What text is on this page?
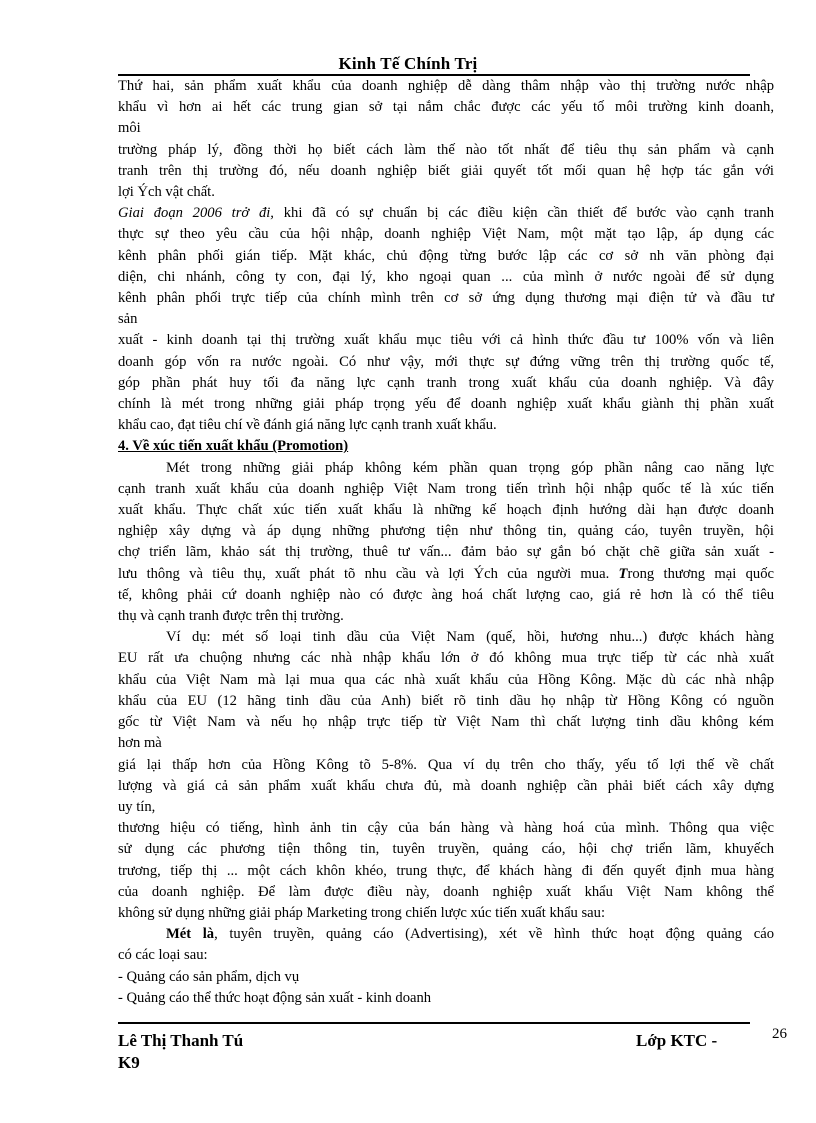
Kinh Tế Chính Trị

Thứ hai, sản phẩm xuất khẩu của doanh nghiệp dễ dàng thâm nhập vào thị trường nước nhập

khẩu vì hơn ai hết các trung gian sở tại nắm chắc được các yếu tố môi trường kinh doanh,

môi

trường pháp lý, đồng thời họ biết cách làm thế nào tốt nhất để tiêu thụ sản phẩm và cạnh

tranh trên thị trường đó, nếu doanh nghiệp biết giải quyết tốt mối quan hệ hợp tác gắn với

lợi Ých vật chất.

Giai đoạn 2006 trở đi, khi đã có sự chuẩn bị các điều kiện cần thiết để bước vào cạnh tranh

thực sự theo yêu cầu của hội nhập, doanh nghiệp Việt Nam, một mặt tạo lập, áp dụng các

kênh phân phối gián tiếp. Mặt khác, chủ động từng bước lập các cơ sở nh văn phòng đại

diện, chi nhánh, công ty con, đại lý, kho ngoại quan ... của mình ở nước ngoài để sử dụng

kênh phân phối trực tiếp của chính mình trên cơ sở ứng dụng thương mại điện tử và đầu tư

sản

xuất - kinh doanh tại thị trường xuất khẩu mục tiêu với cả hình thức đầu tư 100% vốn và liên

doanh góp vốn ra nước ngoài. Có như vậy, mới thực sự đứng vững trên thị trường quốc tế,

góp phần phát huy tối đa năng lực cạnh tranh trong xuất khẩu của doanh nghiệp. Và đây

chính là mét trong những giải pháp trọng yếu để doanh nghiệp xuất khẩu giành thị phần xuất

khẩu cao, đạt tiêu chí về đánh giá năng lực cạnh tranh xuất khẩu.

4. Về xúc tiến xuất khẩu (Promotion)

Mét trong những giải pháp không kém phần quan trọng góp phần nâng cao năng lực

cạnh tranh xuất khẩu của doanh nghiệp Việt Nam trong tiến trình hội nhập quốc tế là xúc tiến

xuất khẩu. Thực chất xúc tiến xuất khẩu là những kế hoạch định hướng dài hạn được doanh

nghiệp xây dựng và áp dụng những phương tiện như thông tin, quảng cáo, tuyên truyền, hội

chợ triển lãm, khảo sát thị trường, thuê tư vấn... đảm bảo sự gắn bó chặt chẽ giữa sản xuất -

lưu thông và tiêu thụ, xuất phát tõ nhu cầu và lợi Ých của người mua. Trong thương mại quốc

tế, không phải cứ doanh nghiệp nào có được àng hoá chất lượng cao, giá rẻ hơn là có thể tiêu

thụ và cạnh tranh được trên thị trường.

Ví dụ: mét số loại tinh dầu của Việt Nam (quế, hồi, hương nhu...) được khách hàng

EU rất ưa chuộng nhưng các nhà nhập khẩu lớn ở đó không mua trực tiếp từ các nhà xuất

khẩu của Việt Nam mà lại mua qua các nhà xuất khẩu của Hồng Kông. Mặc dù các nhà nhập

khẩu của EU (12 hãng tinh dầu của Anh) biết rõ tinh dầu họ nhập từ Hồng Kông có nguồn

gốc từ Việt Nam và nếu họ nhập trực tiếp từ Việt Nam thì chất lượng tinh dầu không kém

hơn mà

giá lại thấp hơn của Hồng Kông tõ 5-8%. Qua ví dụ trên cho thấy, yếu tố lợi thế về chất

lượng và giá cả sản phẩm xuất khẩu chưa đủ, mà doanh nghiệp cần phải biết cách xây dựng

uy tín,

thương hiệu có tiếng, hình ảnh tin cậy của bán hàng và hàng hoá của mình. Thông qua việc

sử dụng các phương tiện thông tin, tuyên truyền, quảng cáo, hội chợ triển lãm, khuyếch

trương, tiếp thị ... một cách khôn khéo, trung thực, để khách hàng đi đến quyết định mua hàng

của doanh nghiệp. Để làm được điều này, doanh nghiệp xuất khẩu Việt Nam không thể

không sử dụng những giải pháp Marketing trong chiến lược xúc tiến xuất khẩu sau:

Mét là, tuyên truyền, quảng cáo (Advertising), xét về hình thức hoạt động quảng cáo

có các loại sau:

- Quảng cáo sản phẩm, dịch vụ

- Quảng cáo thể thức hoạt động sản xuất - kinh doanh

Lê Thị Thanh Tú
K9
Lớp KTC -	26
